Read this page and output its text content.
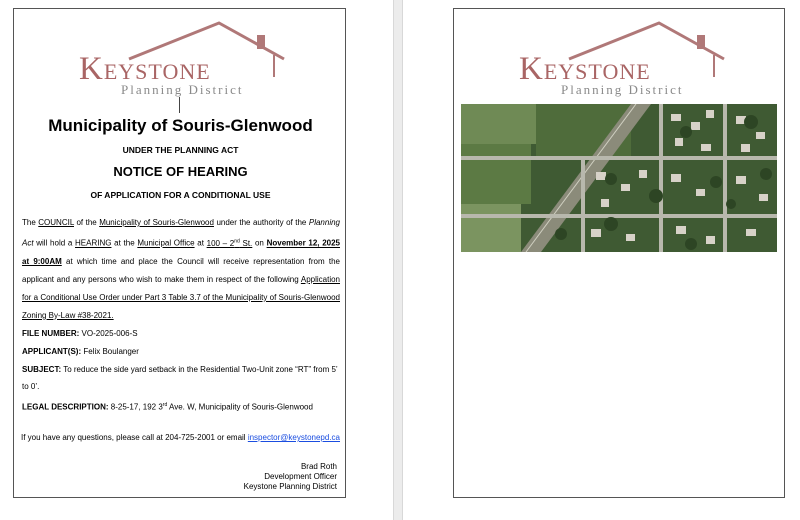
KEYSTONE
Planning District
Municipality of Souris-Glenwood
UNDER THE PLANNING ACT
NOTICE OF HEARING
OF APPLICATION FOR A CONDITIONAL USE
The COUNCIL of the Municipality of Souris-Glenwood under the authority of the Planning Act will hold a HEARING at the Municipal Office at 100 – 2nd St. on November 12, 2025 at 9:00AM at which time and place the Council will receive representation from the applicant and any persons who wish to make them in respect of the following Application for a Conditional Use Order under Part 3 Table 3.7 of the Municipality of Souris-Glenwood Zoning By-Law #38-2021.
FILE NUMBER: VO-2025-006-S
APPLICANT(S): Felix Boulanger
SUBJECT: To reduce the side yard setback in the Residential Two-Unit zone “RT” from 5’ to 0’.
LEGAL DESCRIPTION: 8-25-17, 192 3rd Ave. W, Municipality of Souris-Glenwood
If you have any questions, please call at 204-725-2001 or email inspector@keystonepd.ca
Brad Roth
Development Officer
Keystone Planning District
KEYSTONE
Planning District
